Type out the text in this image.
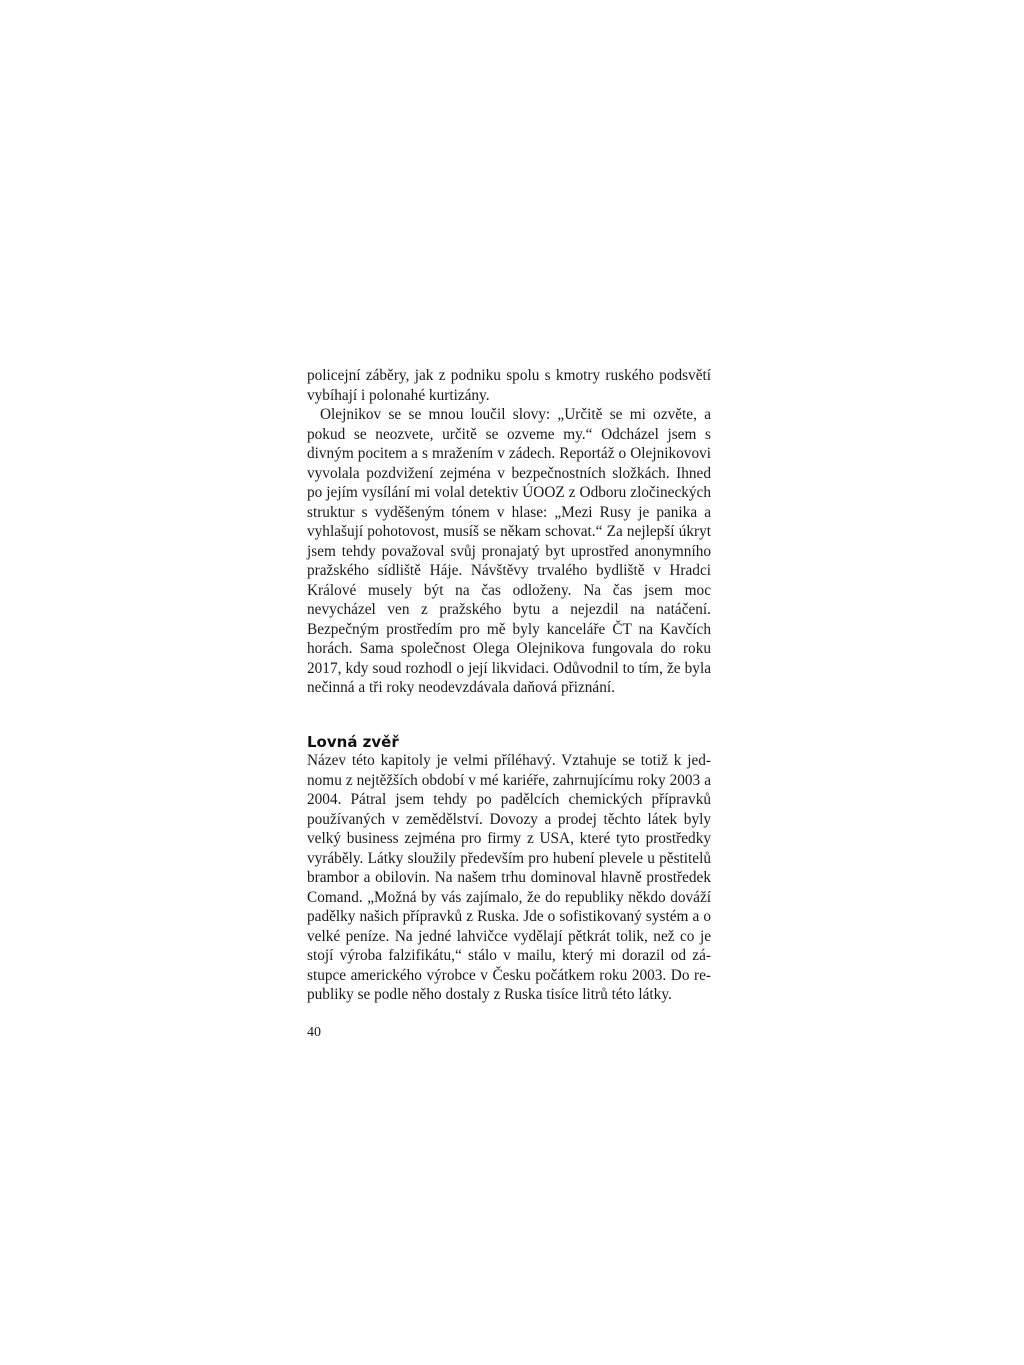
policejní záběry, jak z podniku spolu s kmotry ruského podsvětí vybíhají i polonahé kurtizány.

Olejnikov se se mnou loučil slovy: „Určitě se mi ozvěte, a pokud se neozvete, určitě se ozveme my.“ Odcházel jsem s divným pocitem a s mražením v zádech. Reportáž o Olejnikovovi vyvolala pozdvižení zejména v bezpečnostních složkách. Ihned po jejím vysílání mi volal detektiv ÚOOZ z Odboru zločineckých struktur s vyděšeným tónem v hlase: „Mezi Rusy je panika a vyhlašují pohotovost, musíš se někam schovat.“ Za nejlepší úkryt jsem tehdy považoval svůj pronajatý byt uprostřed anonymního pražského sídliště Háje. Návštěvy trvalého bydliště v Hradci Králové musely být na čas odloženy. Na čas jsem moc nevycházel ven z pražského bytu a nejezdil na natáčení. Bezpečným prostředím pro mě byly kanceláře ČT na Kavčích horách. Sama společnost Olega Olejnikova fungovala do roku 2017, kdy soud rozhodl o její likvidaci. Odůvodnil to tím, že byla nečinná a tři roky neodevzdávala daňová přiznání.

Lovná zvěř

Název této kapitoly je velmi příléhavý. Vztahuje se totiž k jednomu z nejtěžších období v mé kariéře, zahrnujícímu roky 2003 a 2004. Pátral jsem tehdy po padělcích chemických přípravků používaných v zemědělství. Dovozy a prodej těchto látek byly velký business zejména pro firmy z USA, které tyto prostředky vyráběly. Látky sloužily především pro hubení plevele u pěstitelů brambor a obilovin. Na našem trhu dominoval hlavně prostředek Comand. „Možná by vás zajímalo, že do republiky někdo dováží padělky našich přípravků z Ruska. Jde o sofistikovaný systém a o velké peníze. Na jedné lahvičce vydělají pětkrát tolik, než co je stojí výroba falzifikátu,“ stálo v mailu, který mi dorazil od zástupce amerického výrobce v Česku počátkem roku 2003. Do republiky se podle něho dostaly z Ruska tisíce litrů této látky.

40
